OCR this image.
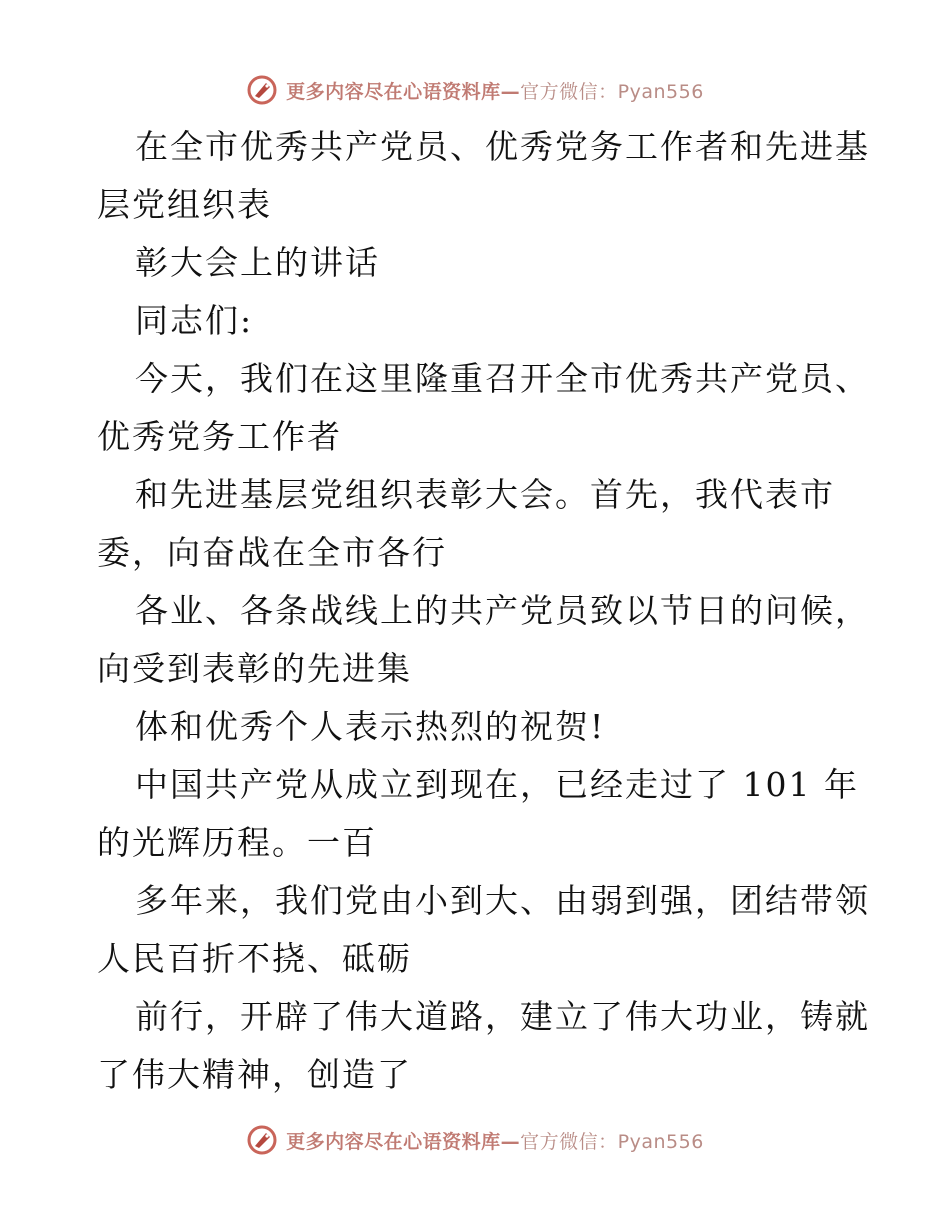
更多内容尽在心语资料库—官方微信：Pyan556
在全市优秀共产党员、优秀党务工作者和先进基
层党组织表
彰大会上的讲话
同志们:
今天，我们在这里隆重召开全市优秀共产党员、
优秀党务工作者
和先进基层党组织表彰大会。首先，我代表市
委，向奋战在全市各行
各业、各条战线上的共产党员致以节日的问候，
向受到表彰的先进集
体和优秀个人表示热烈的祝贺!
中国共产党从成立到现在，已经走过了 101 年
的光辉历程。一百
多年来，我们党由小到大、由弱到强，团结带领
人民百折不挠、砥砺
前行，开辟了伟大道路，建立了伟大功业，铸就
了伟大精神，创造了
更多内容尽在心语资料库—官方微信：Pyan556
